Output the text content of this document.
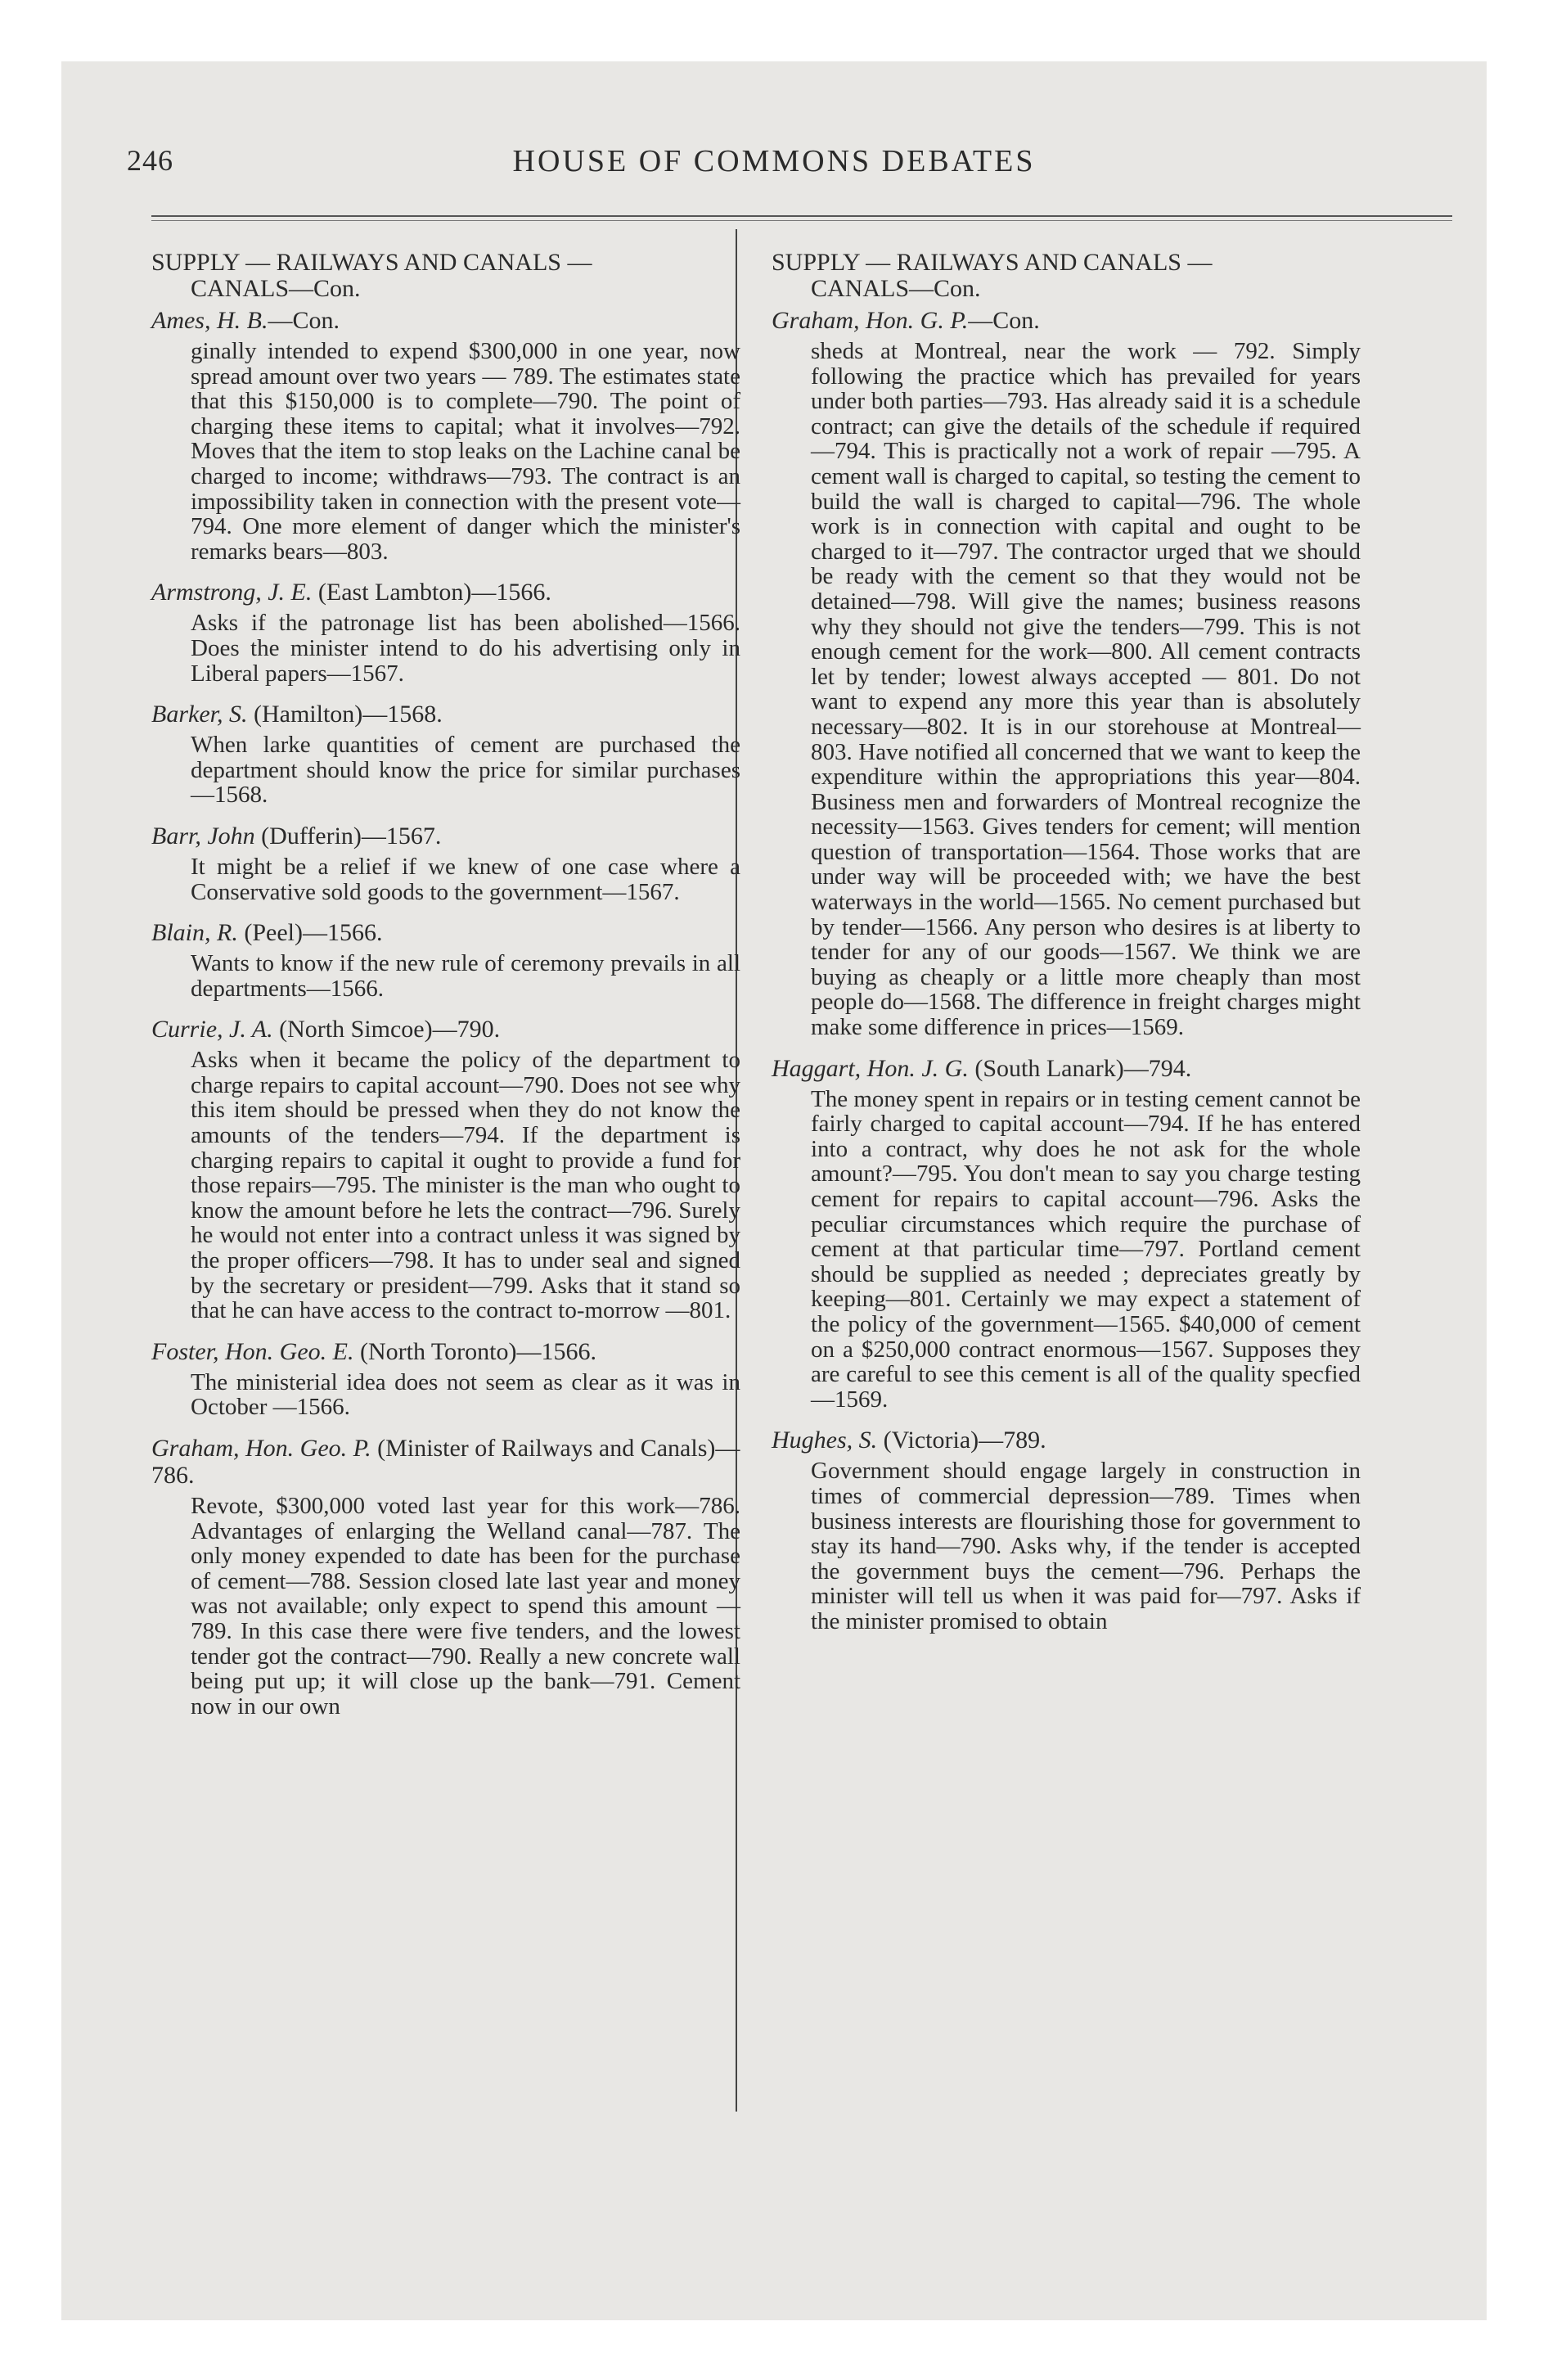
246	HOUSE OF COMMONS DEBATES

SUPPLY — RAILWAYS AND CANALS —

CANALS—Con.

Ames, H. B.—Con.

ginally intended to expend $300,000 in one year, now spread amount over two years — 789. The estimates state that this $150,000 is to complete—790. The point of charging these items to capital; what it involves—792. Moves that the item to stop leaks on the Lachine canal be charged to income; withdraws—793. The contract is an impossibility taken in connection with the present vote—794. One more element of danger which the minister's remarks bears—803.

Armstrong, J. E. (East Lambton)—1566.

Asks if the patronage list has been abolished—1566. Does the minister intend to do his advertising only in Liberal papers—1567.

Barker, S. (Hamilton)—1568.

When larke quantities of cement are purchased the department should know the price for similar purchases—1568.

Barr, John (Dufferin)—1567.

It might be a relief if we knew of one case where a Conservative sold goods to the government—1567.

Blain, R. (Peel)—1566.

Wants to know if the new rule of ceremony prevails in all departments—1566.

Currie, J. A. (North Simcoe)—790.

Asks when it became the policy of the department to charge repairs to capital account—790. Does not see why this item should be pressed when they do not know the amounts of the tenders—794. If the department is charging repairs to capital it ought to provide a fund for those repairs—795. The minister is the man who ought to know the amount before he lets the contract—796. Surely he would not enter into a contract unless it was signed by the proper officers—798. It has to under seal and signed by the secretary or president—799. Asks that it stand so that he can have access to the contract to-morrow —801.

Foster, Hon. Geo. E. (North Toronto)—1566.

The ministerial idea does not seem as clear as it was in October —1566.

Graham, Hon. Geo. P. (Minister of Railways and Canals)—786.

Revote, $300,000 voted last year for this work—786. Advantages of enlarging the Welland canal—787. The only money expended to date has been for the purchase of cement—788. Session closed late last year and money was not available; only expect to spend this amount —789. In this case there were five tenders, and the lowest tender got the contract—790. Really a new concrete wall being put up; it will close up the bank—791. Cement now in our own

SUPPLY — RAILWAYS AND CANALS —

CANALS—Con.

Graham, Hon. G. P.—Con.

sheds at Montreal, near the work — 792. Simply following the practice which has prevailed for years under both parties—793. Has already said it is a schedule contract; can give the details of the schedule if required—794. This is practically not a work of repair —795. A cement wall is charged to capital, so testing the cement to build the wall is charged to capital—796. The whole work is in connection with capital and ought to be charged to it—797. The contractor urged that we should be ready with the cement so that they would not be detained—798. Will give the names; business reasons why they should not give the tenders—799. This is not enough cement for the work—800. All cement contracts let by tender; lowest always accepted — 801. Do not want to expend any more this year than is absolutely necessary—802. It is in our storehouse at Montreal—803. Have notified all concerned that we want to keep the expenditure within the appropriations this year—804. Business men and forwarders of Montreal recognize the necessity—1563. Gives tenders for cement; will mention question of transportation—1564. Those works that are under way will be proceeded with; we have the best waterways in the world—1565. No cement purchased but by tender—1566. Any person who desires is at liberty to tender for any of our goods—1567. We think we are buying as cheaply or a little more cheaply than most people do—1568. The difference in freight charges might make some difference in prices—1569.

Haggart, Hon. J. G. (South Lanark)—794.

The money spent in repairs or in testing cement cannot be fairly charged to capital account—794. If he has entered into a contract, why does he not ask for the whole amount?—795. You don't mean to say you charge testing cement for repairs to capital account—796. Asks the peculiar circumstances which require the purchase of cement at that particular time—797. Portland cement should be supplied as needed ; depreciates greatly by keeping—801. Certainly we may expect a statement of the policy of the government—1565. $40,000 of cement on a $250,000 contract enormous—1567. Supposes they are careful to see this cement is all of the quality specfied—1569.

Hughes, S. (Victoria)—789.

Government should engage largely in construction in times of commercial depression—789. Times when business interests are flourishing those for government to stay its hand—790. Asks why, if the tender is accepted the government buys the cement—796. Perhaps the minister will tell us when it was paid for—797. Asks if the minister promised to obtain
